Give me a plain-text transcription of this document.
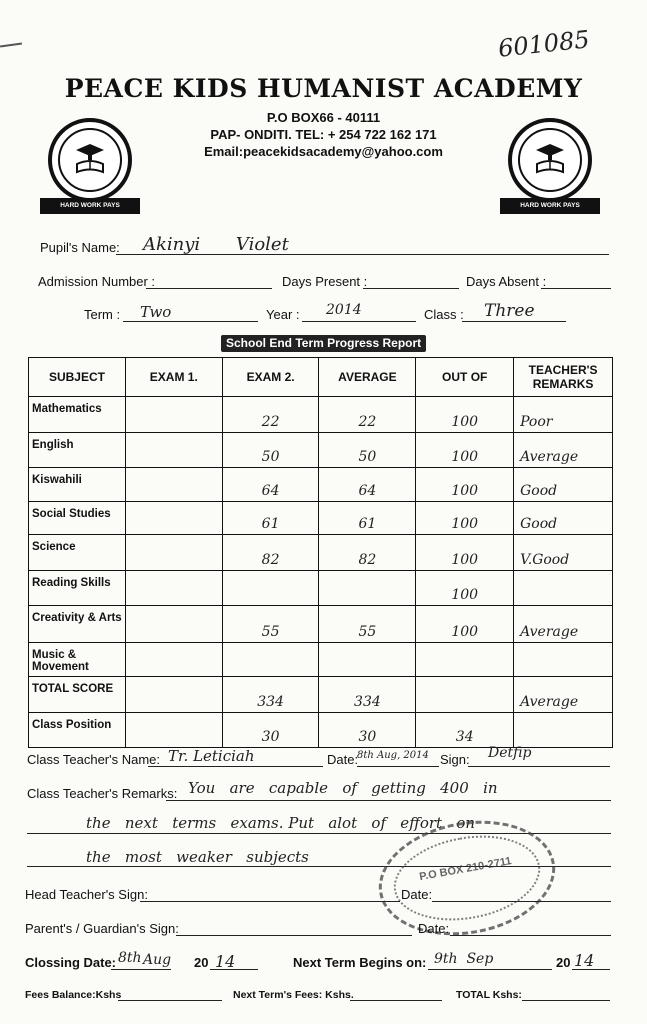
601085
PEACE KIDS HUMANIST ACADEMY
P.O BOX66 - 40111
PAP- ONDITI. TEL: + 254 722 162 171
Email:peacekidsacademy@yahoo.com
HARD WORK PAYS	HARD WORK PAYS
Pupil's Name: Akinyi Violet
Admission Number :	Days Present :	Days Absent :
Term : Two	Year : 2014	Class : Three
School End Term Progress Report
SUBJECT	EXAM 1.	EXAM 2.	AVERAGE	OUT OF	TEACHER'S REMARKS
Mathematics		22	22	100	Poor
English		50	50	100	Average
Kiswahili		64	64	100	Good
Social Studies		61	61	100	Good
Science		82	82	100	V.Good
Reading Skills				100	
Creativity & Arts		55	55	100	Average
Music & Movement					
TOTAL SCORE		334	334		Average
Class Position		30	30	34	
Class Teacher's Name: Tr. Leticiah	Date:
8th Aug, 2014 Sign: Detfip
Class Teacher's Remarks: You   are   capable   of   getting   400   in
the   next   terms   exams. Put   alot   of   effort   on
the   most   weaker   subjects	P.O BOX 210-2711
Head Teacher's Sign:	Date:
Parent's / Guardian's Sign:	Date:
Clossing Date: 8th Aug 20 14	Next Term Begins on: 9th  Sep	20 14
Fees Balance:Kshs	Next Term's Fees: Kshs.	TOTAL Kshs:
